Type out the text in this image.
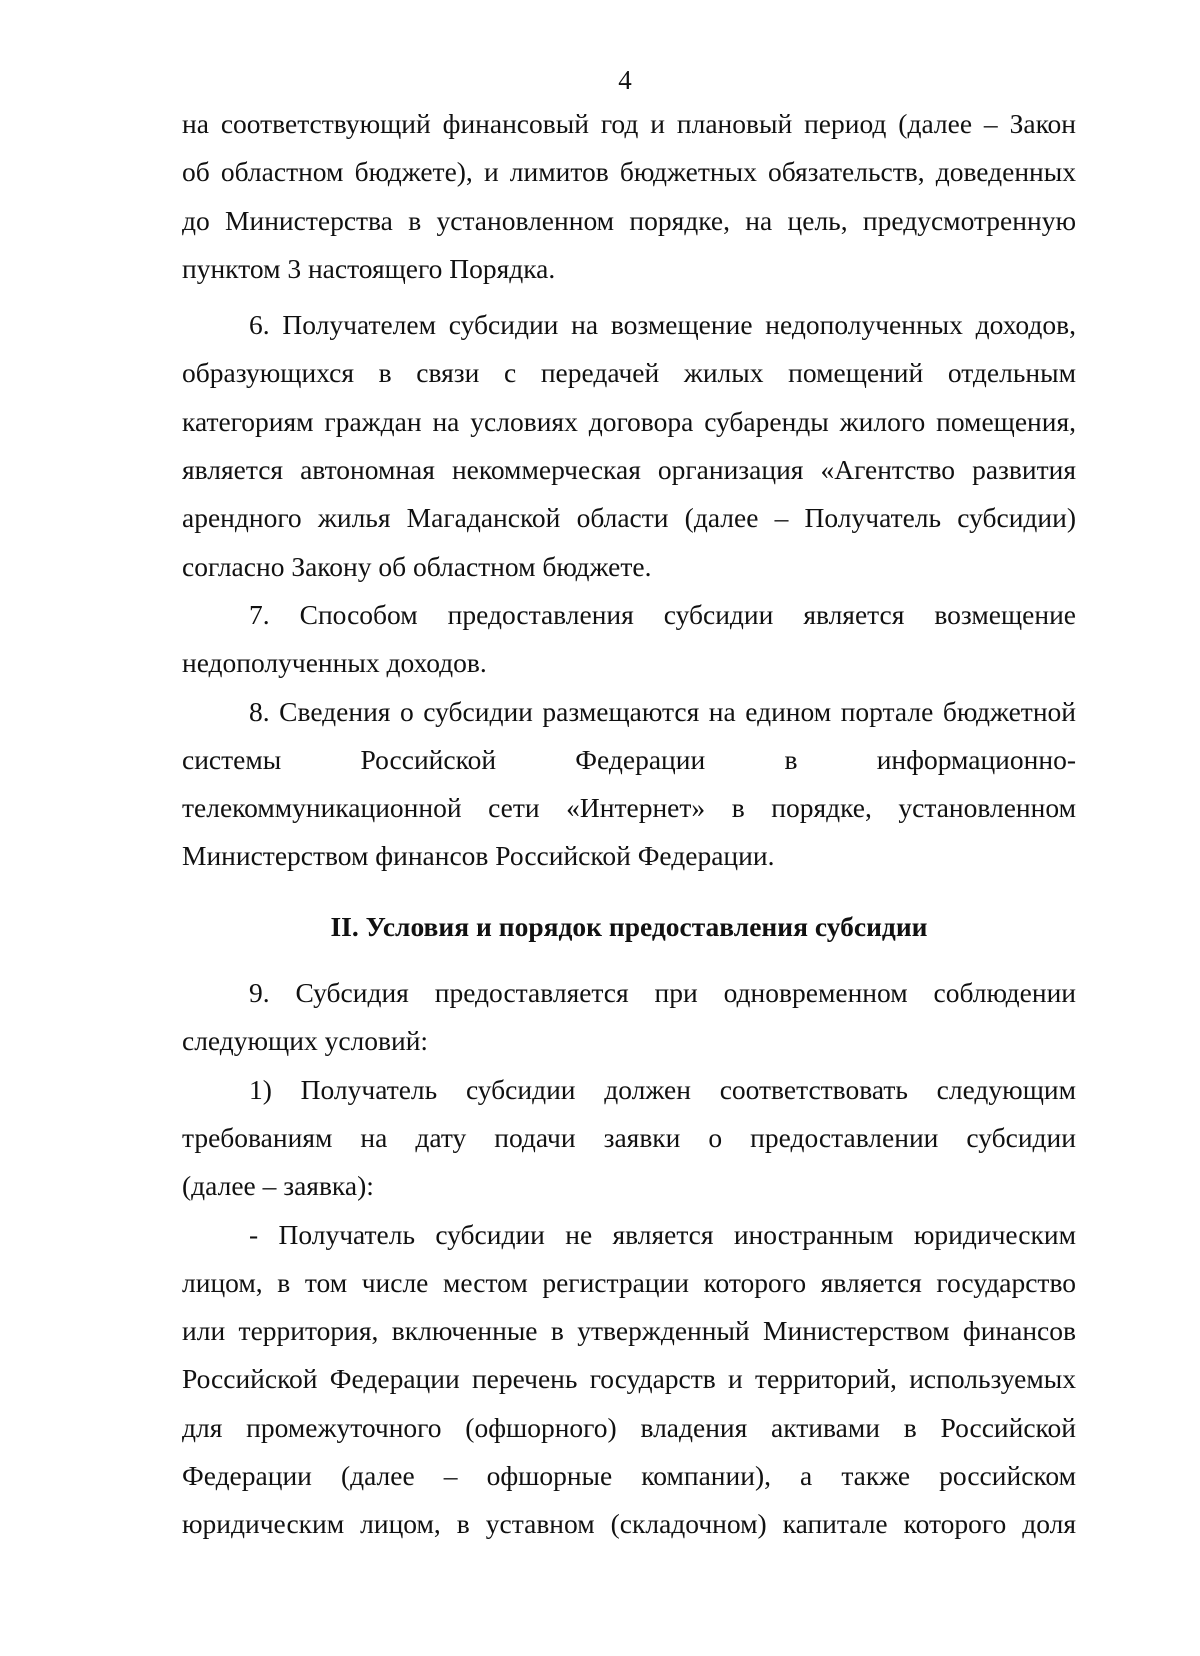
4
на соответствующий финансовый год и плановый период (далее – Закон
об областном бюджете), и лимитов бюджетных обязательств, доведенных
до Министерства в установленном порядке, на цель, предусмотренную
пунктом 3 настоящего Порядка.
6. Получателем субсидии на возмещение недополученных доходов,
образующихся в связи с передачей жилых помещений отдельным
категориям граждан на условиях договора субаренды жилого помещения,
является автономная некоммерческая организация «Агентство развития
арендного жилья Магаданской области (далее – Получатель субсидии)
согласно Закону об областном бюджете.
7. Способом предоставления субсидии является возмещение
недополученных доходов.
8. Сведения о субсидии размещаются на едином портале бюджетной
системы Российской Федерации в информационно-
телекоммуникационной сети «Интернет» в порядке, установленном
Министерством финансов Российской Федерации.
II. Условия и порядок предоставления субсидии
9. Субсидия предоставляется при одновременном соблюдении
следующих условий:
1) Получатель субсидии должен соответствовать следующим
требованиям на дату подачи заявки о предоставлении субсидии
(далее – заявка):
- Получатель субсидии не является иностранным юридическим
лицом, в том числе местом регистрации которого является государство
или территория, включенные в утвержденный Министерством финансов
Российской Федерации перечень государств и территорий, используемых
для промежуточного (офшорного) владения активами в Российской
Федерации (далее – офшорные компании), а также российском
юридическим лицом, в уставном (складочном) капитале которого доля
